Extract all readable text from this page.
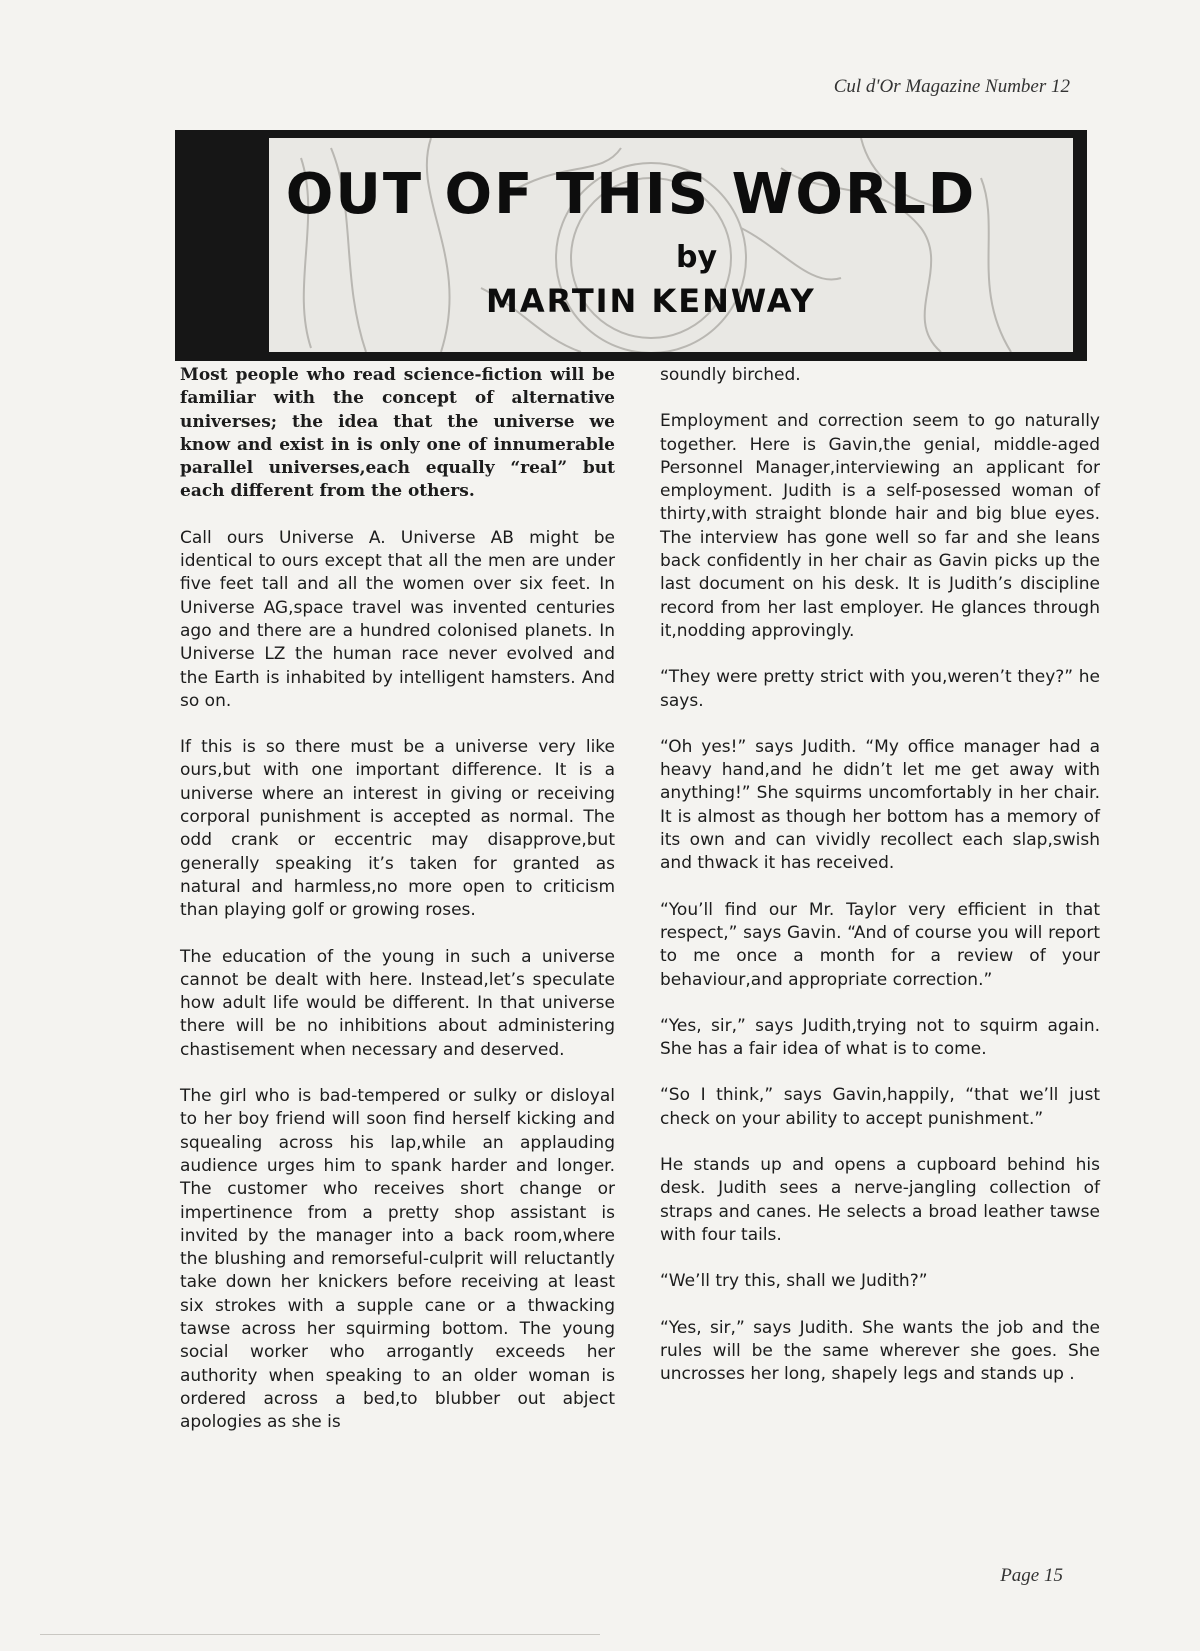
Cul d'Or Magazine Number 12
OUT OF THIS WORLD
by
MARTIN KENWAY

Most people who read science-fiction will be familiar with the concept of alternative universes; the idea that the universe we know and exist in is only one of innumerable parallel universes,each equally “real” but each different from the others.

Call ours Universe A. Universe AB might be identical to ours except that all the men are under five feet tall and all the women over six feet. In Universe AG,space travel was invented centuries ago and there are a hundred colonised planets. In Universe LZ the human race never evolved and the Earth is inhabited by intelligent hamsters. And so on.

If this is so there must be a universe very like ours,but with one important difference. It is a universe where an interest in giving or receiving corporal punishment is accepted as normal. The odd crank or eccentric may disapprove,but generally speaking it’s taken for granted as natural and harmless,no more open to criticism than playing golf or growing roses.

The education of the young in such a universe cannot be dealt with here. Instead,let’s speculate how adult life would be different. In that universe there will be no inhibitions about administering chastisement when necessary and deserved.

The girl who is bad-tempered or sulky or disloyal to her boy friend will soon find herself kicking and squealing across his lap,while an applauding audience urges him to spank harder and longer. The customer who receives short change or impertinence from a pretty shop assistant is invited by the manager into a back room,where the blushing and remorseful-culprit will reluctantly take down her knickers before receiving at least six strokes with a supple cane or a thwacking tawse across her squirming bottom. The young social worker who arrogantly exceeds her authority when speaking to an older woman is ordered across a bed,to blubber out abject apologies as she is

soundly birched.

Employment and correction seem to go naturally together. Here is Gavin,the genial, middle-aged Personnel Manager,interviewing an applicant for employment. Judith is a self-posessed woman of thirty,with straight blonde hair and big blue eyes. The interview has gone well so far and she leans back confidently in her chair as Gavin picks up the last document on his desk. It is Judith’s discipline record from her last employer. He glances through it,nodding approvingly.

“They were pretty strict with you,weren’t they?” he says.

“Oh yes!” says Judith. “My office manager had a heavy hand,and he didn’t let me get away with anything!” She squirms uncomfortably in her chair. It is almost as though her bottom has a memory of its own and can vividly recollect each slap,swish and thwack it has received.

“You’ll find our Mr. Taylor very efficient in that respect,” says Gavin. “And of course you will report to me once a month for a review of your behaviour,and appropriate correction.”

“Yes, sir,” says Judith,trying not to squirm again. She has a fair idea of what is to come.

“So I think,” says Gavin,happily, “that we’ll just check on your ability to accept punishment.”

He stands up and opens a cupboard behind his desk. Judith sees a nerve-jangling collection of straps and canes. He selects a broad leather tawse with four tails.

“We’ll try this, shall we Judith?”

“Yes, sir,” says Judith. She wants the job and the rules will be the same wherever she goes. She uncrosses her long, shapely legs and stands up .

Page 15
